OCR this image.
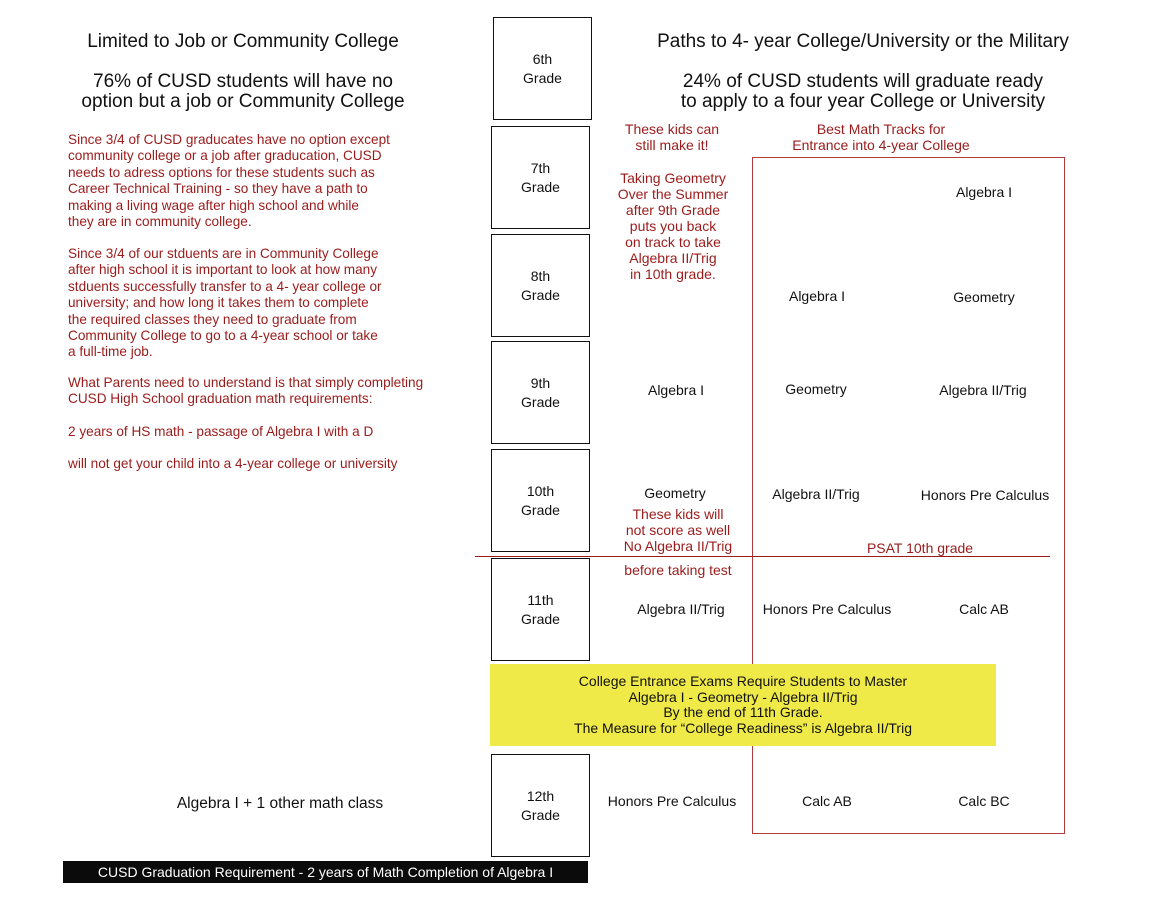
Limited to Job or Community College
76% of CUSD students will have no
option but a job or Community College
Since 3/4 of CUSD graducates have no option except
community college or a job after graducation, CUSD
needs to adress options for these students such as
Career Technical Training - so they have a path to
making a living wage after high school and while
they are in community college.
Since 3/4 of our stduents are in Community College
after high school it is important to look at how many
stduents successfully transfer to a 4- year college or
university; and how long it takes them to complete
the required classes they need to graduate from
Community College to go to a 4-year school or take
a full-time job.
What Parents need to understand is that simply completing
CUSD High School graduation math requirements:
2 years of HS math - passage of Algebra I with a D
will not get your child into a 4-year college or university
Algebra I + 1 other math class
CUSD Graduation Requirement - 2 years of Math Completion of Algebra I
Paths to 4- year College/University or the Military
24% of CUSD students will graduate ready
to apply to a four year College or University
6th
Grade
7th
Grade
8th
Grade
9th
Grade
10th
Grade
11th
Grade
12th
Grade
These kids can
still make it!
Taking Geometry
Over the Summer
after 9th Grade
puts you back
on track to take
Algebra II/Trig
in 10th grade.
Best Math Tracks for
Entrance into 4-year College
These kids will
not score as well
No Algebra II/Trig
before taking test
PSAT 10th grade
Algebra I
Geometry
Algebra II/Trig
Honors Pre Calculus
Algebra I
Geometry
Algebra II/Trig
Honors Pre Calculus
Calc AB
Algebra I
Geometry
Algebra II/Trig
Honors Pre Calculus
Calc AB
Calc BC
College Entrance Exams Require Students to Master
Algebra I - Geometry - Algebra II/Trig
By the end of 11th Grade.
The Measure for “College Readiness” is Algebra II/Trig
